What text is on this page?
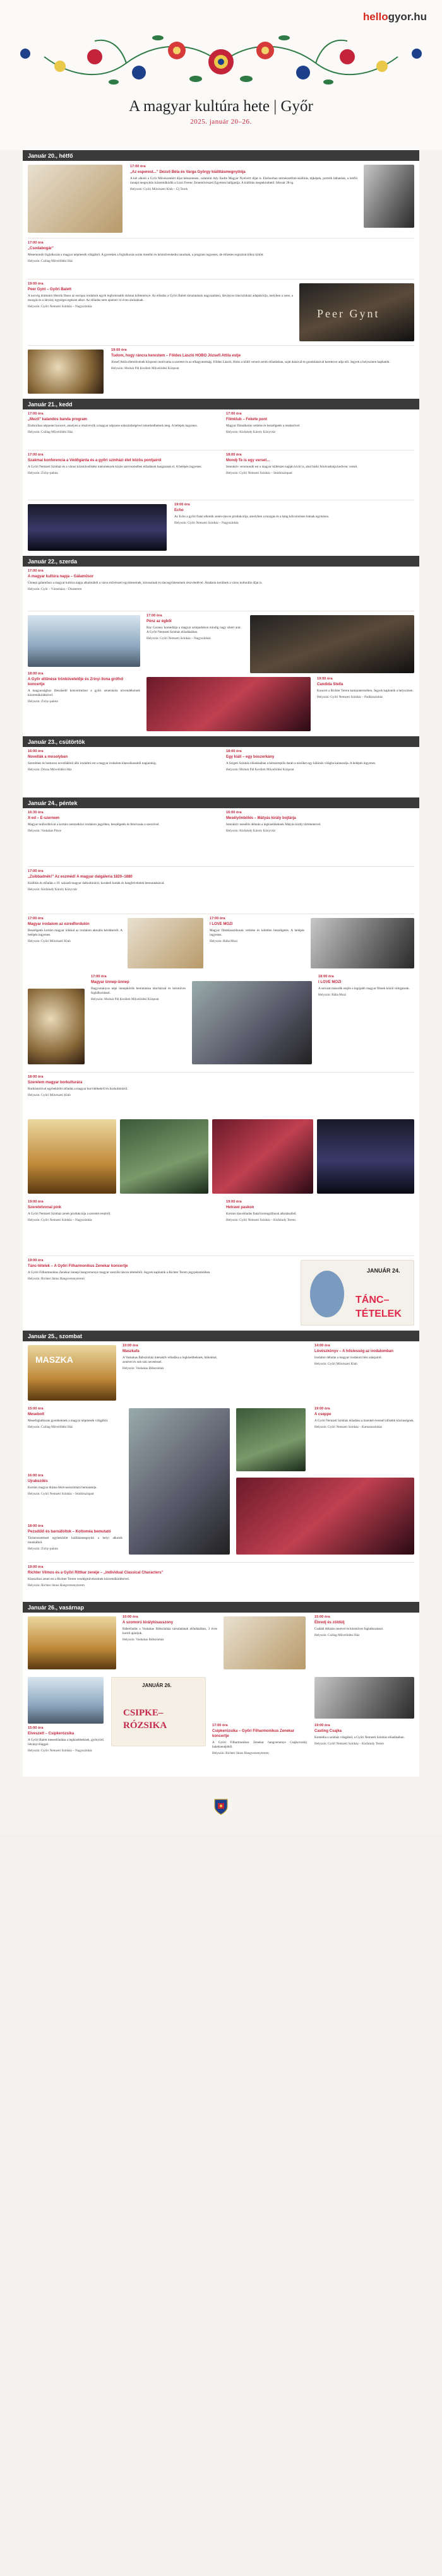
hellogyor.hu
A magyar kultúra hete | Győr
2025. január 20–26.
Január 20., hétfő
17:00 óra
„Az esperest...” Dezső Béla és Varga György kiállításmegnyitója
A két alkotó a Győr Művészetéért díjat kétszeresen, valamint Ady Endre Magyar Nyelvért díjat is. Elsősorban természetfotó-kiállítás, tájképek, portrék láthatóak, a hétfői ünnepi megnyitón közreműködik a Liszt Ferenc Zeneművészeti Egyetem hallgatója. A kiállítás megtekinthető: február 28-ig.
Helyszín: Győri Művészeti Klub – Új Terek
17:00 óra
„Csodabogár”
Mesemondó foglalkozás a magyar népmesék világából. A gyerekek a foglalkozás során mesélni és kézműveskedni tanulnak, a program ingyenes, de előzetes regisztrációhoz kötött.
Helyszín: Csillag Művelődési Ház
19:00 óra
Peer Gynt – Győri Balett
A norvég drámaíró Henrik Ibsen az európai irodalom egyik legfontosabb drámai költeménye. Az előadás a Győri Balett társulatának nagyszabású, látványos táncszínházi adaptációja, melyben a zene, a mozgás és a látvány egységes egészet alkot. Az előadás nem ajánlott 14 éven aluliaknak.
Helyszín: Győri Nemzeti Színház – Nagyszínház
Peer Gynt
19:00 óra
Tudom, hogy ráncra kerestem – Földes László HOBO Józsefi Attila estje
József Attila életművének központi motívuma a szeretet és az elhagyatottság. Földes László, Hobo a költő verseit zenés előadásban, saját dalaival és gondolataival keretezve adja elő. Jegyek a helyszínen kaphatók.
Helyszín: Molnár Pál Kerületi Művelődési Központ
Január 21., kedd
17:00 óra
„Mező” kalandos banda program
Elsősorban népzenei koncert, amelyen a résztvevők a magyar népzene sokszínűségével ismerkedhetnek meg. A belépés ingyenes.
Helyszín: Csillag Művelődési Ház
17:00 óra
Filmklub – Fekete pont
Magyar filmalkotás vetítése és beszélgetés a rendezővel.
Helyszín: Kisfaludy Károly Könyvtár
17:00 óra
Szakmai konferencia a Védőgárda és a győri színházi élet közös pontjairól
A Győri Nemzeti Színház és a városi közművelődési intézmények közös szervezésében előadások hangzanak el. A belépés ingyenes.
Helyszín: Zichy-palota
18:00 óra
Mondj-Te is egy verset...
Interaktív versmondó est a magyar költészet napján kívül is, ahol bárki felolvashatja kedvenc versét.
Helyszín: Győri Nemzeti Színház – Stúdiószínpad
19:00 óra
Echo
Az Echo a győri fiatal alkotók zenés-táncos produkciója, amelyben a mozgás és a hang kölcsönösen hatnak egymásra.
Helyszín: Győri Nemzeti Színház – Nagyszínház
Január 22., szerda
17:00 óra
A magyar kultúra napja – Gálaműsor
Ünnepi gálaműsor a magyar kultúra napja alkalmából a város művészeti együtteseinek, kórusainak és táncegyütteseinek részvételével. Átadásra kerülnek a város kulturális díjai is.
Helyszín: Győr – Városháza – Díszterem
17:00 óra
Pénz az égből
Ray Cooney komédiája a magyar színpadokon mindig nagy sikert arat. A Győri Nemzeti Színház előadásában.
Helyszín: Győri Nemzeti Színház – Nagyszínház
18:00 óra
A Győr eltűnése trónkövetelője és Zrínyi Ilona grófnő koncertje
A magyarsághoz illeszkedő koncertműsor a győri zeneiskola növendékeinek közreműködésével.
Helyszín: Zichy-palota
19:00 óra
Candida Stella
Koncert a Richter Terem kamaratermében. Jegyek kaphatók a helyszínen.
Helyszín: Győri Nemzeti Színház – Padlásszínház
Január 23., csütörtök
16:00 óra
Novellák a mosolyban
Szerelmes és humoros novellákból álló irodalmi est a magyar irodalom klasszikusaitól napjainkig.
Helyszín: Dózsa Művelődési Ház
18:00 óra
Egy kiáll – egy boszorkány
A Szigeti Színház előadásában a kétszereplős darab a nézőket egy különös világba kalauzolja. A belépés ingyenes.
Helyszín: Molnár Pál Kerületi Művelődési Központ
Január 24., péntek
16:30 óra
X-ed – E-szernem
Magyar műfordítóval a kortárs nemzetközi irodalom jegyében, beszélgetés és felolvasás a szerzővel.
Helyszín: Vaskakas Pince
16:00 óra
Mesélyönbölés – Mátyás király bojtárja
Interaktív mesélős délután a legkisebbeknek Mátyás király történeteivel.
Helyszín: Kisfaludy Károly Könyvtár
17:00 óra
„Zsibbadnék!” Az eszméd! A magyar dalgáleria 1820–1880
Kiállítás és előadás a 19. századi magyar dalkultúráról, korabeli kották és hangfelvételek bemutatásával.
Helyszín: Kisfaludy Károly Könyvtár
17:00 óra
Magyar irodalom az ezredfordulón
Beszélgetés kortárs magyar írókkal az irodalom aktuális kérdéseiről. A belépés ingyenes.
Helyszín: Győri Művészeti Klub
17:00 óra
I LOVE MOZI
Magyar filmklasszikusok vetítése és kötetlen beszélgetés. A belépés ingyenes.
Helyszín: Rába Mozi
17:00 óra
Magyar ünnep-ünnep
Hagyományos népi ünnepkörök bemutatása táncházzal és kézműves foglalkozással.
Helyszín: Molnár Pál Kerületi Művelődési Központ
18:00 óra
I LOVE MOZI
A sorozat második estjén a legújabb magyar filmek közül válogatunk.
Helyszín: Rába Mozi
18:00 óra
Szerelem magyar borkulturára
Borkóstolóval egybekötött előadás a magyar borvidékekről és borkultúráról.
Helyszín: Győri Művészeti Klub
19:00 óra
Szeretetvonal pink
A Győri Nemzeti Színház zenés produkciója a szeretet erejéről.
Helyszín: Győri Nemzeti Színház – Nagyszínház
19:00 óra
Hetrawi paskon
Kortárs táncelőadás fiatal koreográfusok alkotásaiból.
Helyszín: Győri Nemzeti Színház – Kisfaludy Terem
19:00 óra
Tánc-tételek – A Győri Filharmonikus Zenekar koncertje
A Győri Filharmonikus Zenekar ünnepi hangversenye magyar szerzők táncos tételeiből. Jegyek kaphatók a Richter Terem jegypénztárában.
Helyszín: Richter János Hangversenyterem
TÁNC–TÉTELEK
JANUÁR 24.
Január 25., szombat
MASZKA
10:00 óra
Maszkafa
A Vaskakas Bábszínház interaktív előadása a legkisebbeknek, bábokkal, zenével és sok-sok nevetéssel.
Helyszín: Vaskakas Bábszínház
14:00 óra
Lövészkönyv – A hősiesség az irodalomban
Irodalmi délután a magyar irodalom hősi alakjairól.
Helyszín: Győri Művészeti Klub
15:00 óra
Mesebolt
Mesefoglalkozás gyerekeknek a magyar népmesék világából.
Helyszín: Csillag Művelődési Ház
19:00 óra
A cseppe
A Győri Nemzeti Színház előadása a tizenkét évesnél idősebb közönségnek.
Helyszín: Győri Nemzeti Színház – Kamaraszínház
16:00 óra
Ujrakezdés
Kortárs magyar dráma felolvasószínházi bemutatója.
Helyszín: Győri Nemzeti Színház – Stúdiószínpad
18:00 óra
Pezsdűlő és barnáfoltok – Koltoméa bemutató
Tárlatvezetéssel egybekötött kiállításmegnyitó a helyi alkotók munkáiból.
Helyszín: Zichy-palota
19:00 óra
Richter Vilmos és a Győri Rittkar zenéje – „Individual Classical Characters”
Klasszikus zenei est a Richter Terem vendégművészeinek közreműködésével.
Helyszín: Richter János Hangversenyterem
Január 26., vasárnap
10:00 óra
A szomorú királykisasszony
Bábelőadás a Vaskakas Bábszínház társulatának előadásában, 3 éves kortól ajánljuk.
Helyszín: Vaskakas Bábszínház
15:00 óra
Ébredj és zöldülj
Családi délután zenével és kézműves foglalkozással.
Helyszín: Csillag Művelődési Ház
15:00 óra
Elveszett – Csipkerózsika
A Győri Balett meseelőadása a legkisebbeknek, gyönyörű látványvilággal.
Helyszín: Győri Nemzeti Színház – Nagyszínház
JANUÁR 26.
CSIPKE–RÓZSIKA	17:00 óra
Csipkerózsika – Győri Filharmonikus Zenekar koncertje
A Győri Filharmonikus Zenekar hangversenye Csajkovszkij balettzenéjéből.
Helyszín: Richter János Hangversenyterem
19:00 óra
Casting Csajka
Komédia a színház világából, a Győri Nemzeti Színház előadásában.
Helyszín: Győri Nemzeti Színház – Kisfaludy Terem
